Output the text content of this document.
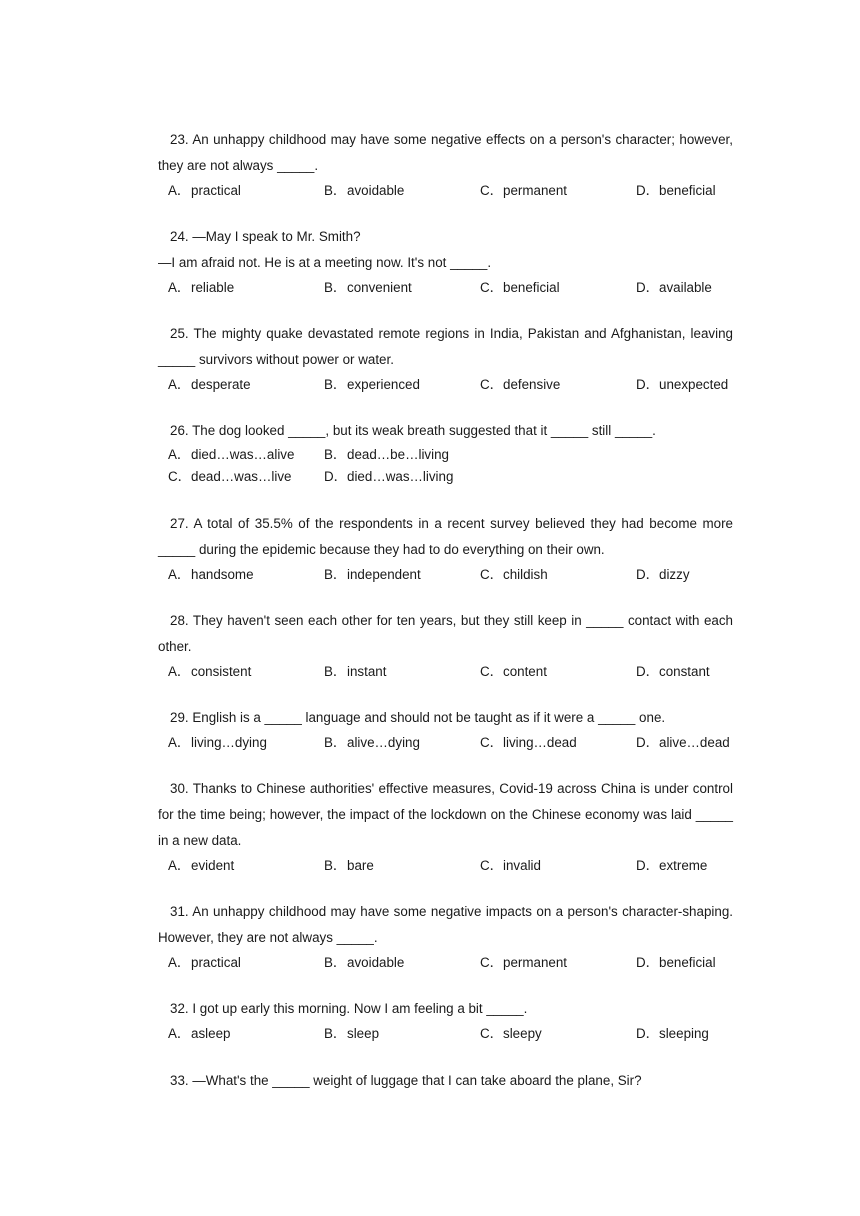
23. An unhappy childhood may have some negative effects on a person's character; however, they are not always _____.

A．practical	B．avoidable	C．permanent	D．beneficial

24. —May I speak to Mr. Smith?

—I am afraid not. He is at a meeting now. It's not _____.

A．reliable	B．convenient	C．beneficial	D．available

25. The mighty quake devastated remote regions in India, Pakistan and Afghanistan, leaving _____ survivors without power or water.

A．desperate	B．experienced	C．defensive	D．unexpected

26. The dog looked _____, but its weak breath suggested that it _____ still _____.

A．died…was…alive B．dead…be…living
C．dead…was…live D．died…was…living

27. A total of 35.5% of the respondents in a recent survey believed they had become more _____ during the epidemic because they had to do everything on their own.

A．handsome	B．independent	C．childish	D．dizzy

28. They haven't seen each other for ten years, but they still keep in _____ contact with each other.

A．consistent	B．instant	C．content	D．constant

29. English is a _____ language and should not be taught as if it were a _____ one.

A．living…dying	B．alive…dying	C．living…dead	D．alive…dead

30. Thanks to Chinese authorities' effective measures, Covid-19 across China is under control for the time being; however, the impact of the lockdown on the Chinese economy was laid _____ in a new data.

A．evident	B．bare	C．invalid	D．extreme

31. An unhappy childhood may have some negative impacts on a person's character-shaping. However, they are not always _____.

A．practical	B．avoidable	C．permanent	D．beneficial

32. I got up early this morning. Now I am feeling a bit _____.

A．asleep	B．sleep	C．sleepy	D．sleeping

33. —What's the _____ weight of luggage that I can take aboard the plane, Sir?
